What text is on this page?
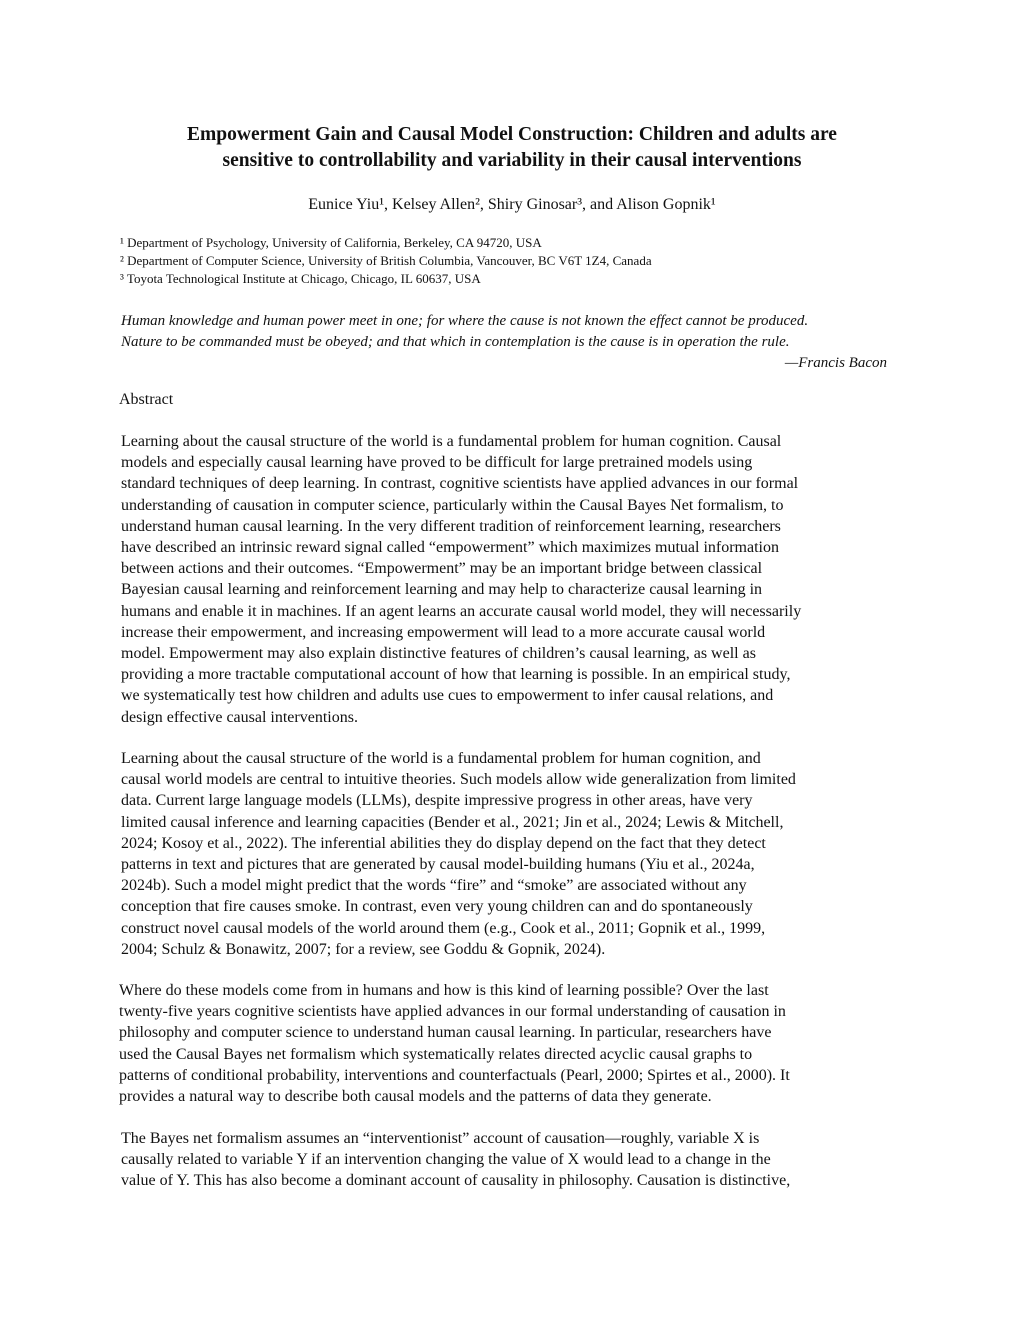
Empowerment Gain and Causal Model Construction: Children and adults are
sensitive to controllability and variability in their causal interventions
Eunice Yiu¹, Kelsey Allen², Shiry Ginosar³, and Alison Gopnik¹
¹ Department of Psychology, University of California, Berkeley, CA 94720, USA
² Department of Computer Science, University of British Columbia, Vancouver, BC V6T 1Z4, Canada
³ Toyota Technological Institute at Chicago, Chicago, IL 60637, USA
Human knowledge and human power meet in one; for where the cause is not known the effect cannot be produced.
Nature to be commanded must be obeyed; and that which in contemplation is the cause is in operation the rule.
—Francis Bacon
Abstract
Learning about the causal structure of the world is a fundamental problem for human cognition. Causal
models and especially causal learning have proved to be difficult for large pretrained models using
standard techniques of deep learning. In contrast, cognitive scientists have applied advances in our formal
understanding of causation in computer science, particularly within the Causal Bayes Net formalism, to
understand human causal learning. In the very different tradition of reinforcement learning, researchers
have described an intrinsic reward signal called “empowerment” which maximizes mutual information
between actions and their outcomes. “Empowerment” may be an important bridge between classical
Bayesian causal learning and reinforcement learning and may help to characterize causal learning in
humans and enable it in machines. If an agent learns an accurate causal world model, they will necessarily
increase their empowerment, and increasing empowerment will lead to a more accurate causal world
model. Empowerment may also explain distinctive features of children’s causal learning, as well as
providing a more tractable computational account of how that learning is possible. In an empirical study,
we systematically test how children and adults use cues to empowerment to infer causal relations, and
design effective causal interventions.
Learning about the causal structure of the world is a fundamental problem for human cognition, and
causal world models are central to intuitive theories. Such models allow wide generalization from limited
data. Current large language models (LLMs), despite impressive progress in other areas, have very
limited causal inference and learning capacities (Bender et al., 2021; Jin et al., 2024; Lewis & Mitchell,
2024; Kosoy et al., 2022). The inferential abilities they do display depend on the fact that they detect
patterns in text and pictures that are generated by causal model-building humans (Yiu et al., 2024a,
2024b). Such a model might predict that the words “fire” and “smoke” are associated without any
conception that fire causes smoke. In contrast, even very young children can and do spontaneously
construct novel causal models of the world around them (e.g., Cook et al., 2011; Gopnik et al., 1999,
2004; Schulz & Bonawitz, 2007; for a review, see Goddu & Gopnik, 2024).
Where do these models come from in humans and how is this kind of learning possible? Over the last
twenty-five years cognitive scientists have applied advances in our formal understanding of causation in
philosophy and computer science to understand human causal learning. In particular, researchers have
used the Causal Bayes net formalism which systematically relates directed acyclic causal graphs to
patterns of conditional probability, interventions and counterfactuals (Pearl, 2000; Spirtes et al., 2000). It
provides a natural way to describe both causal models and the patterns of data they generate.
The Bayes net formalism assumes an “interventionist” account of causation—roughly, variable X is
causally related to variable Y if an intervention changing the value of X would lead to a change in the
value of Y. This has also become a dominant account of causality in philosophy. Causation is distinctive,
